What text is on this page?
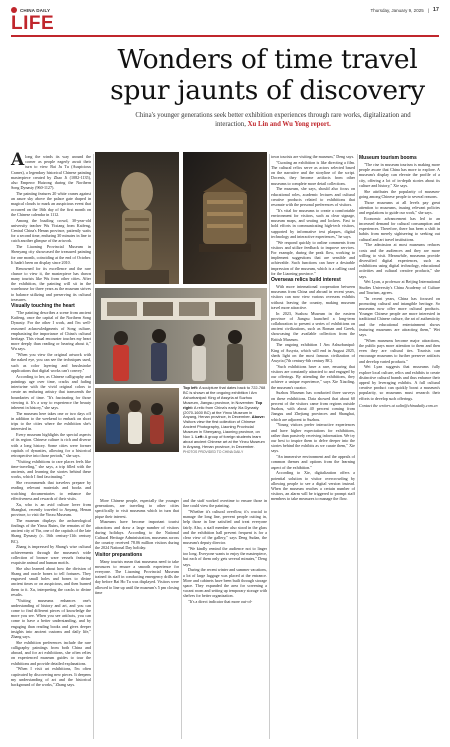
CHINA DAILY	Thursday, January 9, 2025 | 17
LIFE
Wonders of time travel spur jaunts of discovery
China's younger generations seek better exhibition experiences through rare works, digitalization and interaction, Xu Lin and Wu Yong report.
Top left: A sculpture that dates back to 722-768 BC is shown at the ongoing exhibition I Am Ashurbanipal: King of Assyria at Suzhou Museum, Jiangsu province, in November. Top right: A relic from China's early Xia Dynasty (2070-1600 BC) at the Yinxu Museum in Anyang, Henan province, in December. Above: Visitors view the first collection of Chinese Ancient Photography, Liaoning Provincial Museum in Shenyang, Liaoning province, on Nov 1. Left: A group of foreign students learn about ancient Chinese art at the Yinxu Museum in Anyang, Henan province, in December.
PHOTOS PROVIDED TO CHINA DAILY

Along the winds its way around the corner as people eagerly await their turn to view Bai Ju Tu (Auspicious Cranes), a legendary historical Chinese painting masterpiece created by Zhao Ji (1082-1135), also Emperor Huizong during the Northern Song Dynasty (960-1127).

The painting features 20 white cranes against an azure sky above the palace gate draped in magical clouds to mark an auspicious event that occurred on the 16th day of the first month on the Chinese calendar in 1112.

Among the bustling crowd, 30-year-old university teacher Wu Yixiang from Kaifeng, Central China's Henan province, patiently waits for a second time, enduring 30 minutes in line to catch another glimpse of the artwork.

The Liaoning Provincial Museum in Shenyang city showcased the treasured painting for one month, coinciding at the end of October. It hadn't been on display since 2010.

Renowned for its excellence and the rare chance to view it, the masterpiece has drawn many tourists like Wu from other cities. After the exhibition, the painting will sit in the warehouse for three years as the museum strives to balance utilizing and preserving its cultural treasures.

Visually touching the heart

"The painting describes a scene from ancient Kaifeng, once the capital of the Northern Song Dynasty. For the other I work, and I'm well-reasoned acknowledgments of Song culture, emphasizing the importance of China's cultural heritage. This visual encounter touches my heart more deeply than reading or hearing about it," Wu says.

"When you view the original artwork with the naked eye, you can see the techniques used, such as color layering and brushstroke applications that digital works can't convey."

According to her, as Chinese calligraphy and paintings age over time, cracks and fading intertwine with the vivid original colors to create an enduring artistry that transcends the boundaries of time. "It's fascinating for those viewing it. It's a way to experience the beauty inherent in history," she says.

The museum here takes one or two days off in addition to the weekend to embark on short trips to the cities where the exhibition she's interested in.

Every museum highlights the special aspects of its region. Chinese culture is rich and diverse with a long history. Some cities were former capitals of dynasties, allowing for a historical retrospective into those periods," she says.

"Visiting exhibitions to rare places feels like time-traveling," she says, a trip filled with the ancients, and learning the stories behind these works, which I find fascinating."

She recommends that travelers prepare by reading relevant materials and books and watching documentaries to enhance the effectiveness and rewards of their visits.

Xu, who is an avid culture lover from Shanghai, recently traveled to Anyang, Henan province, to visit the Yinxu Museum.

The museum displays the archaeological findings of the Yinxu Ruins, the remains of the ancient city of Yin, one of the capitals of the late Shang Dynasty (c. 16th century-11th century BC).

Zhang is impressed by Shang's wise cultural achievements through the museum's wide collection of bronze ware vessels featuring exquisite animal and human motifs.

She also learned about how the division of Shang and oracle bones to tell fortunes. They engraved small holes and bones to divine ancient times or on auspicious, and then burned them to it. Xu, interpreting the cracks to divine results.

"Visiting museums enhances one's understanding of history and art, and you can come to find different pieces of knowledge the more you see. When you see artifacts, you can come to have a better understanding, and by engaging than reading books and gives deeper insights into ancient customs and daily life," Zhang says.

She exhibition preferences include the rare calligraphy paintings from both China and abroad, and for art exhibitions, she often relies on experienced museum guides to tour the exhibitions and provide detailed explanations.

"When I visit art exhibitions, I'm often captivated by discovering new pieces. It deepens my understanding of art and the historical background of the works," Zhang says.

More Chinese people, especially the younger generations, are traveling to other cities specifically to visit museums which in turn that pique their interest.

Museums have become important tourist attractions and draw a large number of visitors during holidays. According to the National Cultural Heritage Administration, museums across the country received 78.06 million visitors during the 2024 National Day holiday.

Visitor preparations

Many tourists mean that museums need to take measures to ensure a smooth experience for everyone. The Liaoning Provincial Museum trained its staff in conducting emergency drills the day before Bai Ho Tu was displayed. Visitors were allowed to line up until the museum's 5 pm closing time

and the staff worked overtime to ensure those in line could view the painting.

"Whether it's cultural overflow, it's crucial to manage the long line, prevent people cutting in, help those in line satisfied and treat everyone fairly. Also, a staff member also stood in the glass and the exhibition hall prevent frequent is for a clear view of the gallery," says Deng Sudan, the museum's deputy director.

"We kindly remind the audience not to linger too long. Everyone wants to enjoy the masterpiece, but each of them only gets several minutes," Deng says.

During the recent winter and summer vacations, a lot of large luggage was placed at the entrance. More and cabinets have been built through storage space. They expanded the area for screening a vacant room and setting up temporary storage with shelves for better organization.

"It's a direct indicator that more out-of-

town tourists are visiting the museum," Deng says.

"Curating an exhibition is like directing a film. The cultural relics serve as actors selected based on the narrative and the storyline of the script. Docents, they become artifacts from other museums to complete more detail collections.

The museum, she says, should also focus on educational roles, academic lectures and cultural creative products related to exhibitions that resonate with the personal preferences of visitors.

"It's vital for museums to create a comfortable environment for visitors, such as clear signage, museum maps, and seating and lockers. Fast to hold efforts in communicating high-tech visitors, supported by informative text plaques, digital technology and interactive experiences," he says.

"We respond quickly to online comments from visitors and utilize feedback to improve services. For example, during the peak flow, working to implement suggestions that are sensible and achievable. Such functions can have a desirable impression of the museum, which is a calling card for the Liaoning province."

Overseas relics build interest

With more international cooperation between museums from China and abroad in recent years, visitors can now view various overseas exhibits without leaving the country, making museum travel more attractive.

In 2023, Suzhou Museum in the eastern province of Jiangsu launched a long-term collaboration to present a series of exhibitions on ancient civilizations, such as Roman and Greek, showcasing the available collection from the British Museum.

The ongoing exhibition I Am Ashurbanipal: King of Assyria, which will end in August 2025, sheds light on the most famous civilization of Assyria (7th century-6th century BC).

"Such exhibitions have a rare, ensuring that visitors are constantly attracted to and engaged by our offerings. By attending the exhibitions, they achieve a unique experience," says Xie Xiaoling, the museum's curator.

Suzhou Museum has conducted three surveys on these exhibitions. Data showed that about 60 percent of the visitors came from regions outside Suzhou, with about 40 percent coming from Jiangsu and Zhejiang provinces and Shanghai, which are adjacent to Suzhou.

"Young visitors prefer interactive experiences and have higher expectations for exhibitions, rather than passively receiving information. We try our best to inspire them to delve deeper into the stories behind the exhibits as we curate them," Xie says.

"An immersive environment and the appeals of common themes and options from the learning aspect of the exhibition."

According to Xie, digitalization offers a potential solution to visitor overcrowding by allowing people to see a digital version instead. When the museum reaches a certain number of visitors, an alarm will be triggered to prompt staff members to take measures to manage the flow.

Museum tourism booms

"The rise in museum tourism is making more people aware that China has more to explore. A museum's display can elevate the profile of a city, offering a lot of in-depth stories about its culture and history," Xie says.

She attributes the popularity of museum-going among Chinese people to several reasons.

Those museums at all levels pay great attention to museums, issuing relevant policies and regulations to guide our work," she says.

Economic advancement has led to an increased demand for cultural consumption and experiences. Therefore, there has been a shift in habits from merely sightseeing to seeking out cultural and art travel institutions.

"The admission at most museums reduces costs and the audiences and they are more willing to visit. Meanwhile, museums provide diversified digital experiences, such as exhibitions using digital technology, educational activities and cultural creative products," she says.

Wei Lyan, a professor at Beijing International Studies University's China Academy of Culture and Tourism, agrees.

"In recent years, China has focused on promoting cultural and intangible heritage. So museums now offer more cultural products. Younger Chinese people are more interested in traditional Chinese culture, the art of authenticity and the educational entertainment shows featuring museums are attracting them," Wei says.

"When museums become major attractions, the public pays more attention to them and then even they are cultural ties. Tourists can encourage museums to further preserve artifacts and develop varied products."

Wei Lyan suggests that museums fully explore local culture, relics and exhibits to create distinctive cultural brands and thus enhance their appeal by leveraging exhibits. A full cultural creative product can quickly boost a museum's popularity, so museums must research their efforts to develop such offerings.

Contact the writers at xulin@chinadaily.com.cn
